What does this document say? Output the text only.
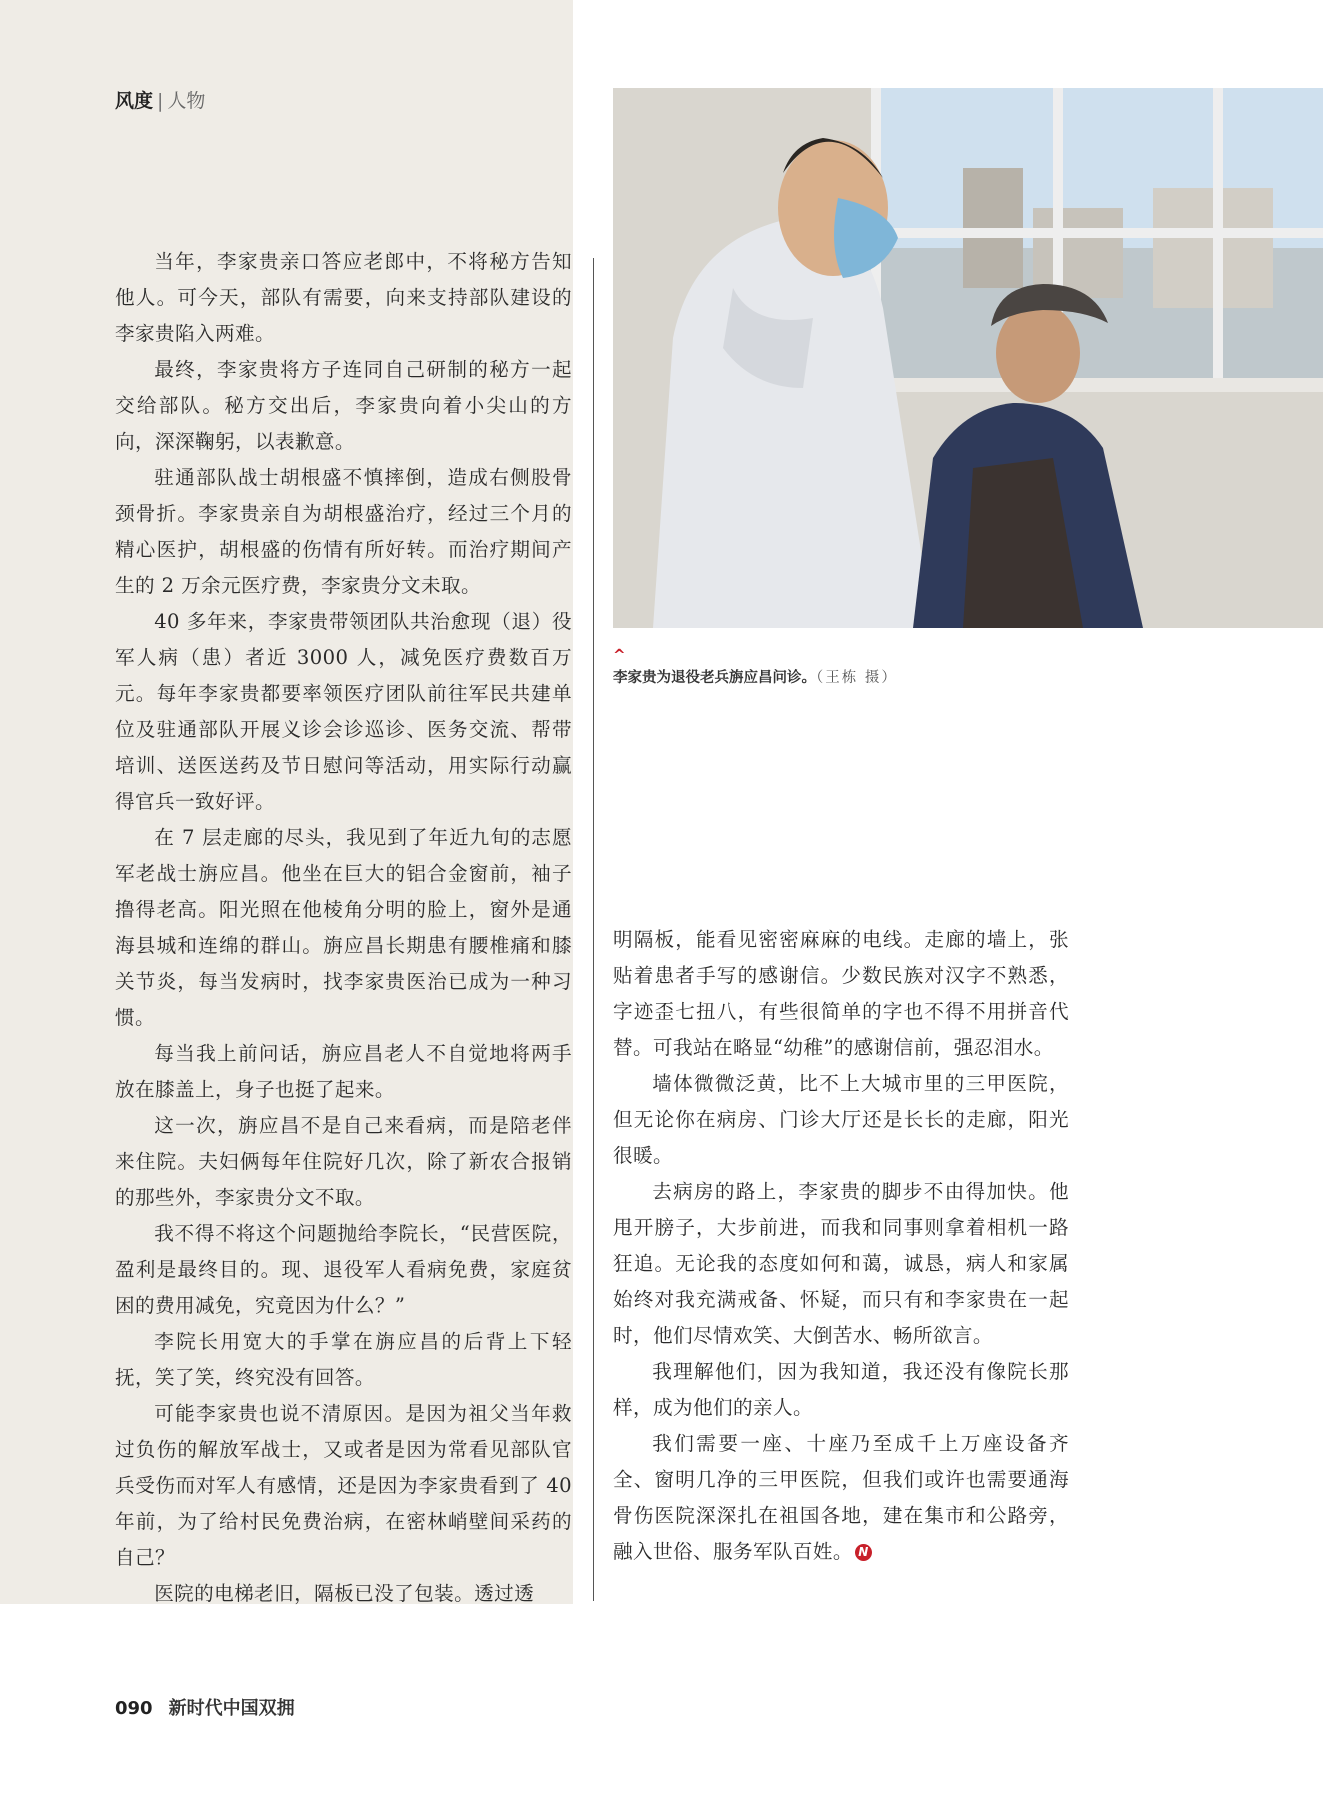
风度 | 人物
^
李家贵为退役老兵旃应昌问诊。（王栋 摄）

当年，李家贵亲口答应老郎中，不将秘方告知他人。可今天，部队有需要，向来支持部队建设的李家贵陷入两难。

最终，李家贵将方子连同自己研制的秘方一起交给部队。秘方交出后，李家贵向着小尖山的方向，深深鞠躬，以表歉意。

驻通部队战士胡根盛不慎摔倒，造成右侧股骨颈骨折。李家贵亲自为胡根盛治疗，经过三个月的精心医护，胡根盛的伤情有所好转。而治疗期间产生的 2 万余元医疗费，李家贵分文未取。

40 多年来，李家贵带领团队共治愈现（退）役军人病（患）者近 3000 人，减免医疗费数百万元。每年李家贵都要率领医疗团队前往军民共建单位及驻通部队开展义诊会诊巡诊、医务交流、帮带培训、送医送药及节日慰问等活动，用实际行动赢得官兵一致好评。

在 7 层走廊的尽头，我见到了年近九旬的志愿军老战士旃应昌。他坐在巨大的铝合金窗前，袖子撸得老高。阳光照在他棱角分明的脸上，窗外是通海县城和连绵的群山。旃应昌长期患有腰椎痛和膝关节炎，每当发病时，找李家贵医治已成为一种习惯。

每当我上前问话，旃应昌老人不自觉地将两手放在膝盖上，身子也挺了起来。

这一次，旃应昌不是自己来看病，而是陪老伴来住院。夫妇俩每年住院好几次，除了新农合报销的那些外，李家贵分文不取。

我不得不将这个问题抛给李院长，“民营医院，盈利是最终目的。现、退役军人看病免费，家庭贫困的费用减免，究竟因为什么？”

李院长用宽大的手掌在旃应昌的后背上下轻抚，笑了笑，终究没有回答。

可能李家贵也说不清原因。是因为祖父当年救过负伤的解放军战士，又或者是因为常看见部队官兵受伤而对军人有感情，还是因为李家贵看到了 40 年前，为了给村民免费治病，在密林峭壁间采药的自己？

医院的电梯老旧，隔板已没了包装。透过透

明隔板，能看见密密麻麻的电线。走廊的墙上，张贴着患者手写的感谢信。少数民族对汉字不熟悉，字迹歪七扭八，有些很简单的字也不得不用拼音代替。可我站在略显“幼稚”的感谢信前，强忍泪水。

墙体微微泛黄，比不上大城市里的三甲医院，但无论你在病房、门诊大厅还是长长的走廊，阳光很暖。

去病房的路上，李家贵的脚步不由得加快。他甩开膀子，大步前进，而我和同事则拿着相机一路狂追。无论我的态度如何和蔼，诚恳，病人和家属始终对我充满戒备、怀疑，而只有和李家贵在一起时，他们尽情欢笑、大倒苦水、畅所欲言。

我理解他们，因为我知道，我还没有像院长那样，成为他们的亲人。

我们需要一座、十座乃至成千上万座设备齐全、窗明几净的三甲医院，但我们或许也需要通海骨伤医院深深扎在祖国各地，建在集市和公路旁，融入世俗、服务军队百姓。 N

090 新时代中国双拥
